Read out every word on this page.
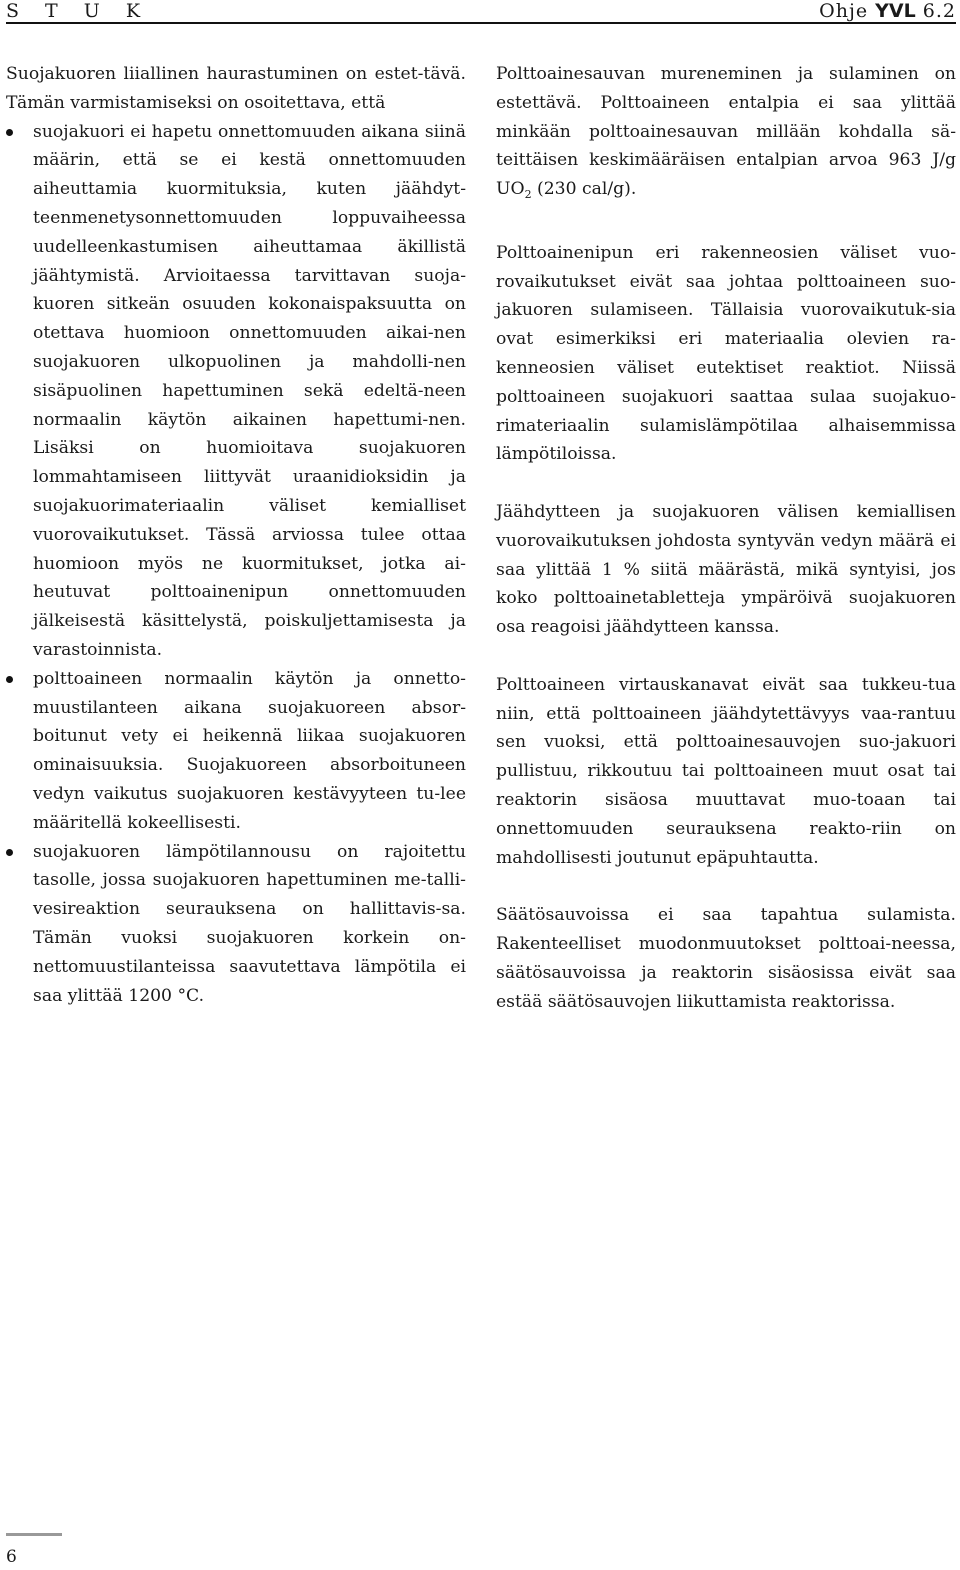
S T U K	Ohje YVL 6.2

Suojakuoren liiallinen haurastuminen on estet-tävä. Tämän varmistamiseksi on osoitettava, että

suojakuori ei hapetu onnettomuuden aikana siinä määrin, että se ei kestä onnettomuuden aiheuttamia kuormituksia, kuten jäähdyt-teenmenetysonnettomuuden loppuvaiheessa uudelleenkastumisen aiheuttamaa äkillistä jäähtymistä. Arvioitaessa tarvittavan suoja-kuoren sitkeän osuuden kokonaispaksuutta on otettava huomioon onnettomuuden aikai-nen suojakuoren ulkopuolinen ja mahdolli-nen sisäpuolinen hapettuminen sekä edeltä-neen normaalin käytön aikainen hapettumi-nen. Lisäksi on huomioitava suojakuoren lommahtamiseen liittyvät uraanidioksidin ja suojakuorimateriaalin väliset kemialliset vuorovaikutukset. Tässä arviossa tulee ottaa huomioon myös ne kuormitukset, jotka ai-heutuvat polttoainenipun onnettomuuden jälkeisestä käsittelystä, poiskuljettamisesta ja varastoinnista.
polttoaineen normaalin käytön ja onnetto-muustilanteen aikana suojakuoreen absor-boitunut vety ei heikennä liikaa suojakuoren ominaisuuksia. Suojakuoreen absorboituneen vedyn vaikutus suojakuoren kestävyyteen tu-lee määritellä kokeellisesti.
suojakuoren lämpötilannousu on rajoitettu tasolle, jossa suojakuoren hapettuminen me-talli-vesireaktion seurauksena on hallittavis-sa. Tämän vuoksi suojakuoren korkein on-nettomuustilanteissa saavutettava lämpötila ei saa ylittää 1200 °C.

Polttoainesauvan mureneminen ja sulaminen on estettävä. Polttoaineen entalpia ei saa ylittää minkään polttoainesauvan millään kohdalla sä-teittäisen keskimääräisen entalpian arvoa 963 J/g $UO_2$ (230 cal/g).

Polttoainenipun eri rakenneosien väliset vuo-rovaikutukset eivät saa johtaa polttoaineen suo-jakuoren sulamiseen. Tällaisia vuorovaikutuk-sia ovat esimerkiksi eri materiaalia olevien ra-kenneosien väliset eutektiset reaktiot. Niissä polttoaineen suojakuori saattaa sulaa suojakuo-rimateriaalin sulamislämpötilaa alhaisemmissa lämpötiloissa.

Jäähdytteen ja suojakuoren välisen kemiallisen vuorovaikutuksen johdosta syntyvän vedyn määrä ei saa ylittää 1 % siitä määrästä, mikä syntyisi, jos koko polttoainetabletteja ympäröivä suojakuoren osa reagoisi jäähdytteen kanssa.

Polttoaineen virtauskanavat eivät saa tukkeu-tua niin, että polttoaineen jäähdytettävyys vaa-rantuu sen vuoksi, että polttoainesauvojen suo-jakuori pullistuu, rikkoutuu tai polttoaineen muut osat tai reaktorin sisäosa muuttavat muo-toaan tai onnettomuuden seurauksena reakto-riin on mahdollisesti joutunut epäpuhtautta.

Säätösauvoissa ei saa tapahtua sulamista. Rakenteelliset muodonmuutokset polttoai-neessa, säätösauvoissa ja reaktorin sisäosissa eivät saa estää säätösauvojen liikuttamista reaktorissa.

6
